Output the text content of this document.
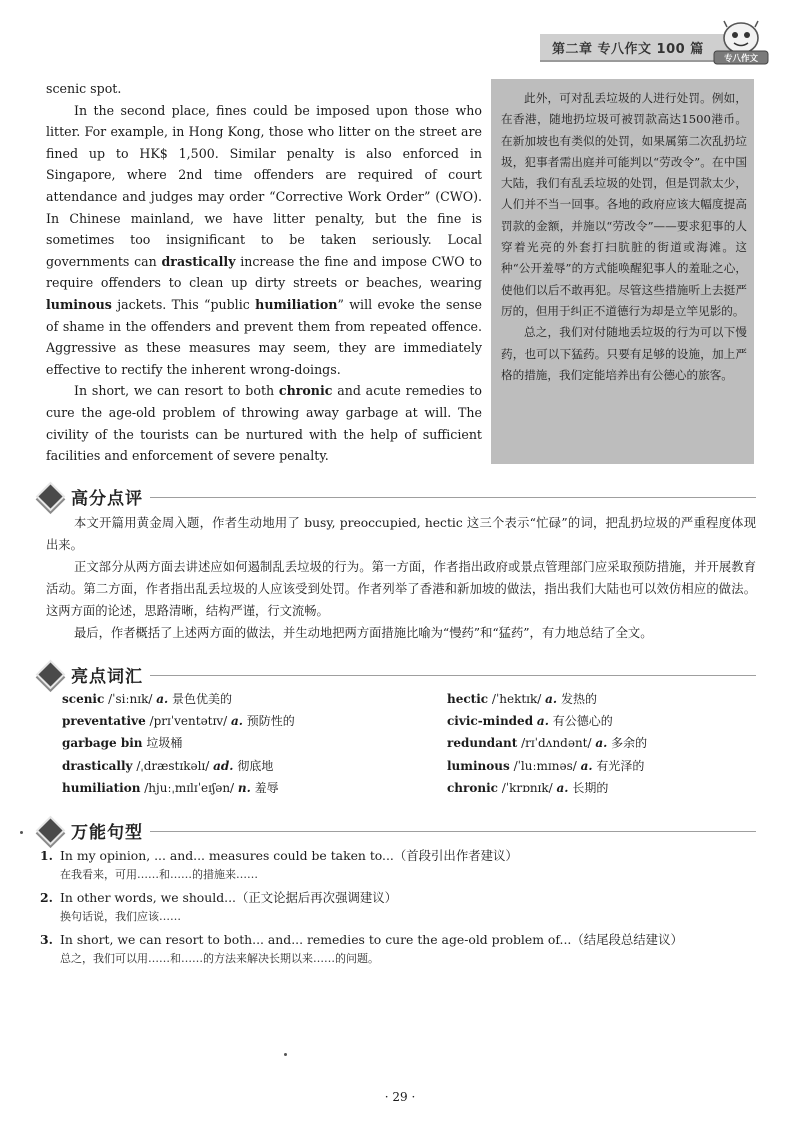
第二章 专八作文 100 篇
专八作文

scenic spot.

In the second place, fines could be imposed upon those who litter. For example, in Hong Kong, those who litter on the street are fined up to HK$ 1,500. Similar penalty is also enforced in Singapore, where 2nd time offenders are required of court attendance and judges may order “Corrective Work Order” (CWO). In Chinese mainland, we have litter penalty, but the fine is sometimes too insignificant to be taken seriously. Local governments can drastically increase the fine and impose CWO to require offenders to clean up dirty streets or beaches, wearing luminous jackets. This “public humiliation” will evoke the sense of shame in the offenders and prevent them from repeated offence. Aggressive as these measures may seem, they are immediately effective to rectify the inherent wrong-doings.

In short, we can resort to both chronic and acute remedies to cure the age-old problem of throwing away garbage at will. The civility of the tourists can be nurtured with the help of sufficient facilities and enforcement of severe penalty.

此外，可对乱丢垃圾的人进行处罚。例如，在香港，随地扔垃圾可被罚款高达1500港币。在新加坡也有类似的处罚，如果属第二次乱扔垃圾，犯事者需出庭并可能判以“劳改令”。在中国大陆，我们有乱丢垃圾的处罚，但是罚款太少，人们并不当一回事。各地的政府应该大幅度提高罚款的金额，并施以“劳改令”——要求犯事的人穿着光亮的外套打扫肮脏的街道或海滩。这种“公开羞辱”的方式能唤醒犯事人的羞耻之心，使他们以后不敢再犯。尽管这些措施听上去挺严厉的，但用于纠正不道德行为却是立竿见影的。

总之，我们对付随地丢垃圾的行为可以下慢药，也可以下猛药。只要有足够的设施，加上严格的措施，我们定能培养出有公德心的旅客。

高分点评

本文开篇用黄金周入题，作者生动地用了 busy, preoccupied, hectic 这三个表示“忙碌”的词，把乱扔垃圾的严重程度体现出来。

正文部分从两方面去讲述应如何遏制乱丢垃圾的行为。第一方面，作者指出政府或景点管理部门应采取预防措施，并开展教育活动。第二方面，作者指出乱丢垃圾的人应该受到处罚。作者列举了香港和新加坡的做法，指出我们大陆也可以效仿相应的做法。这两方面的论述，思路清晰，结构严谨，行文流畅。

最后，作者概括了上述两方面的做法，并生动地把两方面措施比喻为“慢药”和“猛药”，有力地总结了全文。

亮点词汇
scenic /ˈsiːnɪk/ a. 景色优美的
preventative /prɪˈventətɪv/ a. 预防性的
garbage bin 垃圾桶
drastically /ˌdræstɪkəlɪ/ ad. 彻底地
humiliation /hjuːˌmɪlɪˈeɪʃən/ n. 羞辱
hectic /ˈhektɪk/ a. 发热的
civic-minded a. 有公德心的
redundant /rɪˈdʌndənt/ a. 多余的
luminous /ˈluːmɪnəs/ a. 有光泽的
chronic /ˈkrɒnɪk/ a. 长期的
万能句型
1. In my opinion, ... and... measures could be taken to...（首段引出作者建议）
在我看来，可用……和……的措施来……
2. In other words, we should...（正文论据后再次强调建议）
换句话说，我们应该……
3. In short, we can resort to both... and... remedies to cure the age-old problem of...（结尾段总结建议）
总之，我们可以用……和……的方法来解决长期以来……的问题。
· 29 ·
